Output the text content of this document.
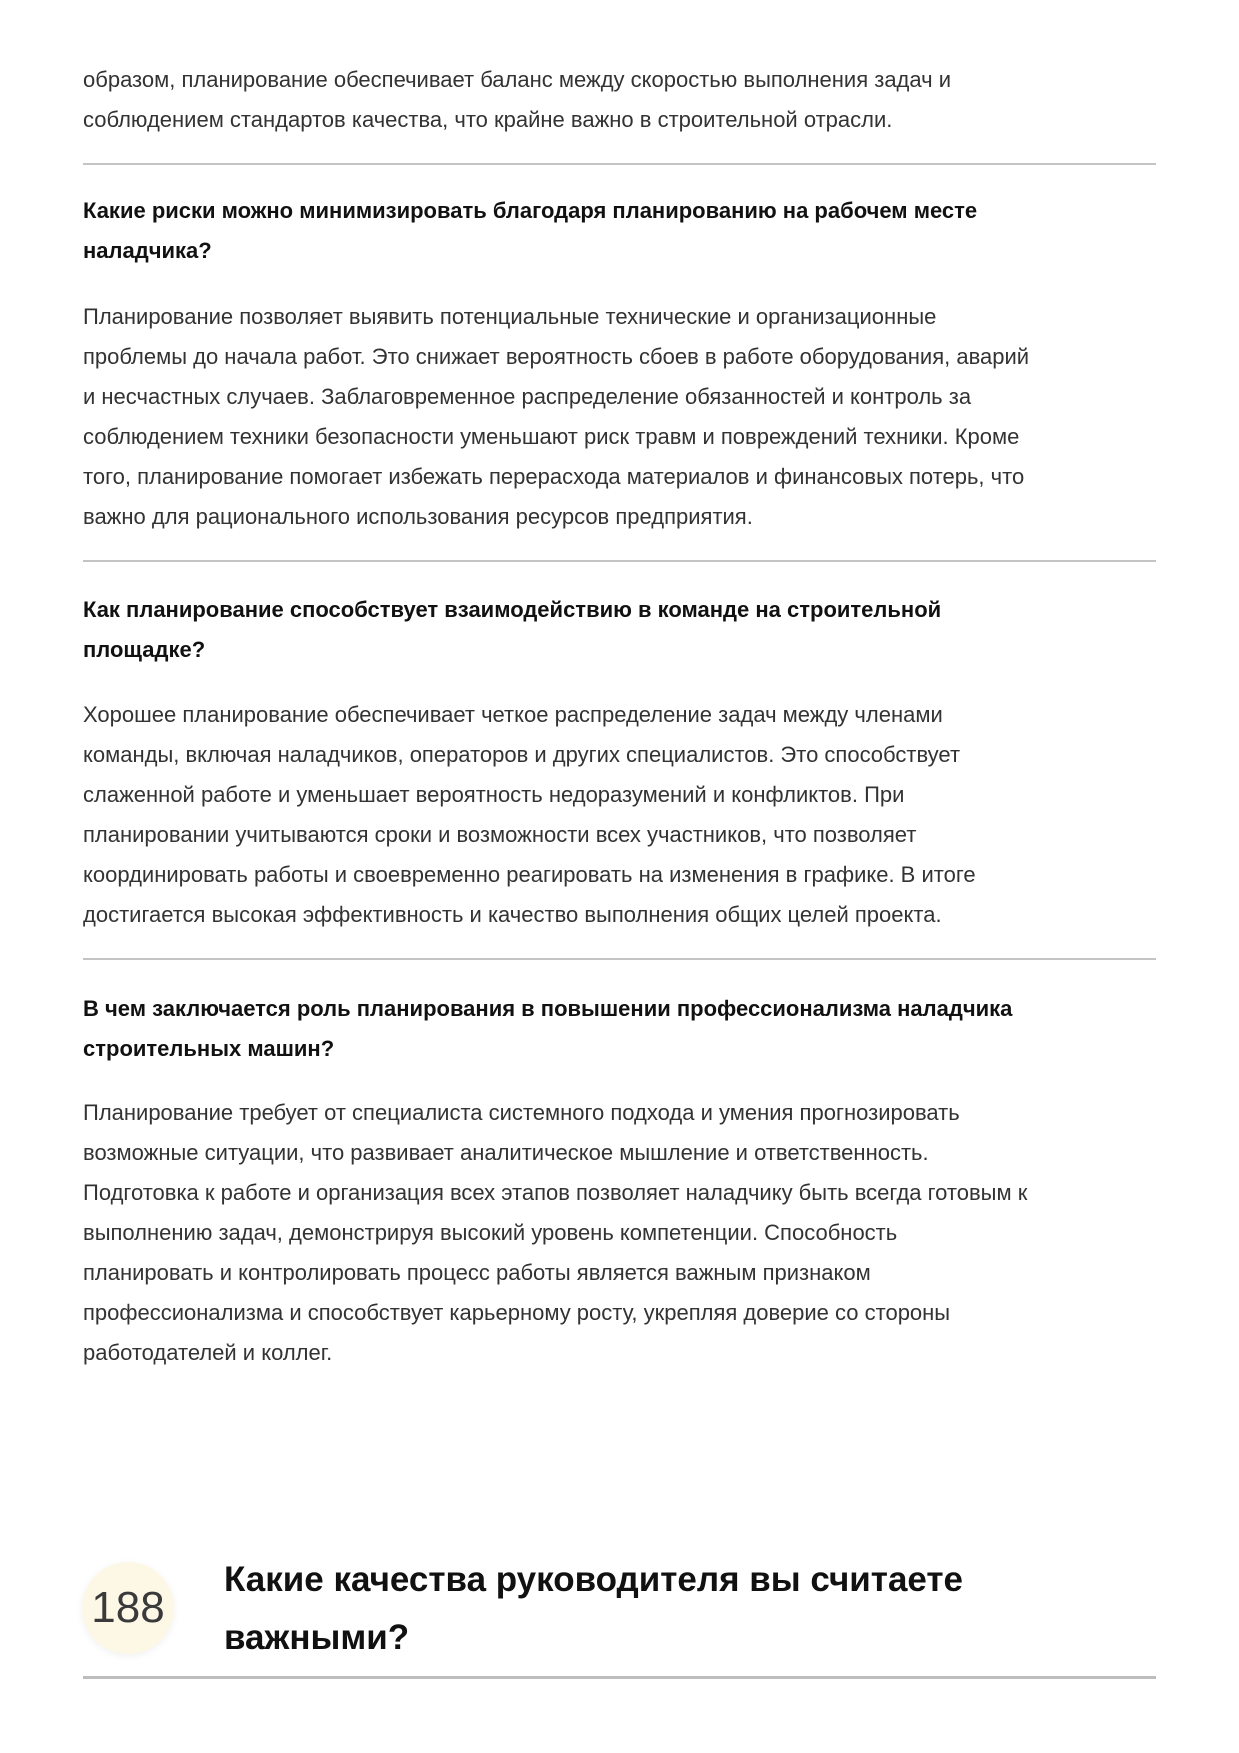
образом, планирование обеспечивает баланс между скоростью выполнения задач и
соблюдением стандартов качества, что крайне важно в строительной отрасли.
Какие риски можно минимизировать благодаря планированию на рабочем месте
наладчика?
Планирование позволяет выявить потенциальные технические и организационные
проблемы до начала работ. Это снижает вероятность сбоев в работе оборудования, аварий
и несчастных случаев. Заблаговременное распределение обязанностей и контроль за
соблюдением техники безопасности уменьшают риск травм и повреждений техники. Кроме
того, планирование помогает избежать перерасхода материалов и финансовых потерь, что
важно для рационального использования ресурсов предприятия.
Как планирование способствует взаимодействию в команде на строительной
площадке?
Хорошее планирование обеспечивает четкое распределение задач между членами
команды, включая наладчиков, операторов и других специалистов. Это способствует
слаженной работе и уменьшает вероятность недоразумений и конфликтов. При
планировании учитываются сроки и возможности всех участников, что позволяет
координировать работы и своевременно реагировать на изменения в графике. В итоге
достигается высокая эффективность и качество выполнения общих целей проекта.
В чем заключается роль планирования в повышении профессионализма наладчика
строительных машин?
Планирование требует от специалиста системного подхода и умения прогнозировать
возможные ситуации, что развивает аналитическое мышление и ответственность.
Подготовка к работе и организация всех этапов позволяет наладчику быть всегда готовым к
выполнению задач, демонстрируя высокий уровень компетенции. Способность
планировать и контролировать процесс работы является важным признаком
профессионализма и способствует карьерному росту, укрепляя доверие со стороны
работодателей и коллег.
188
Какие качества руководителя вы считаете
важными?
